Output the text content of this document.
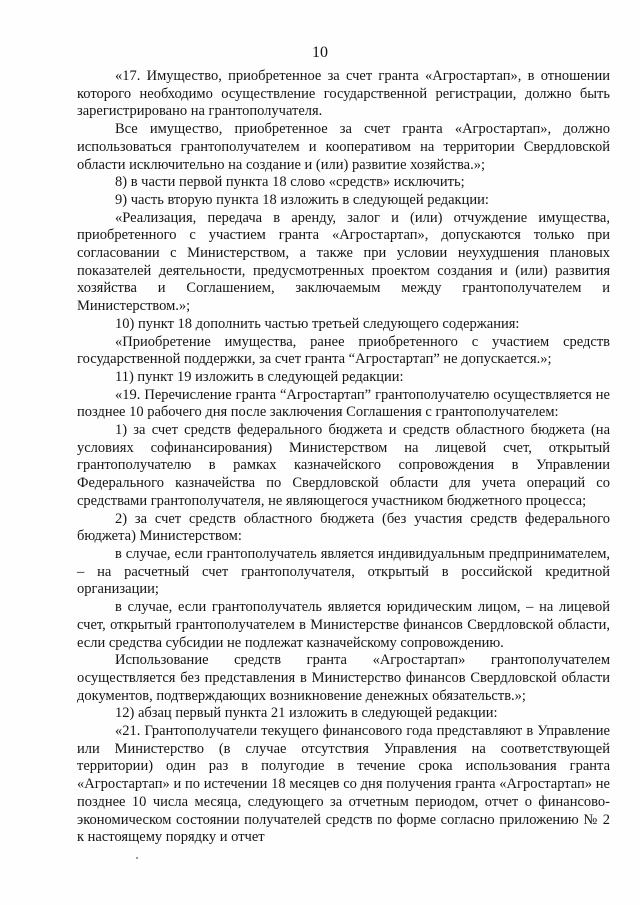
10

«17. Имущество, приобретенное за счет гранта «Агростартап», в отношении которого необходимо осуществление государственной регистрации, должно быть зарегистрировано на грантополучателя.

Все имущество, приобретенное за счет гранта «Агростартап», должно использоваться грантополучателем и кооперативом на территории Свердловской области исключительно на создание и (или) развитие хозяйства.»;

8) в части первой пункта 18 слово «средств» исключить;

9) часть вторую пункта 18 изложить в следующей редакции:

«Реализация, передача в аренду, залог и (или) отчуждение имущества, приобретенного с участием гранта «Агростартап», допускаются только при согласовании с Министерством, а также при условии неухудшения плановых показателей деятельности, предусмотренных проектом создания и (или) развития хозяйства и Соглашением, заключаемым между грантополучателем и Министерством.»;

10) пункт 18 дополнить частью третьей следующего содержания:

«Приобретение имущества, ранее приобретенного с участием средств государственной поддержки, за счет гранта “Агростартап” не допускается.»;

11) пункт 19 изложить в следующей редакции:

«19. Перечисление гранта “Агростартап” грантополучателю осуществляется не позднее 10 рабочего дня после заключения Соглашения с грантополучателем:

1) за счет средств федерального бюджета и средств областного бюджета (на условиях софинансирования) Министерством на лицевой счет, открытый грантополучателю в рамках казначейского сопровождения в Управлении Федерального казначейства по Свердловской области для учета операций со средствами грантополучателя, не являющегося участником бюджетного процесса;

2) за счет средств областного бюджета (без участия средств федерального бюджета) Министерством:

в случае, если грантополучатель является индивидуальным предпринимателем, – на расчетный счет грантополучателя, открытый в российской кредитной организации;

в случае, если грантополучатель является юридическим лицом, – на лицевой счет, открытый грантополучателем в Министерстве финансов Свердловской области, если средства субсидии не подлежат казначейскому сопровождению.

Использование средств гранта «Агростартап» грантополучателем осуществляется без представления в Министерство финансов Свердловской области документов, подтверждающих возникновение денежных обязательств.»;

12) абзац первый пункта 21 изложить в следующей редакции:

«21. Грантополучатели текущего финансового года представляют в Управление или Министерство (в случае отсутствия Управления на соответствующей территории) один раз в полугодие в течение срока использования гранта «Агростартап» и по истечении 18 месяцев со дня получения гранта «Агростартап» не позднее 10 числа месяца, следующего за отчетным периодом, отчет о финансово-экономическом состоянии получателей средств по форме согласно приложению № 2 к настоящему порядку и отчет
